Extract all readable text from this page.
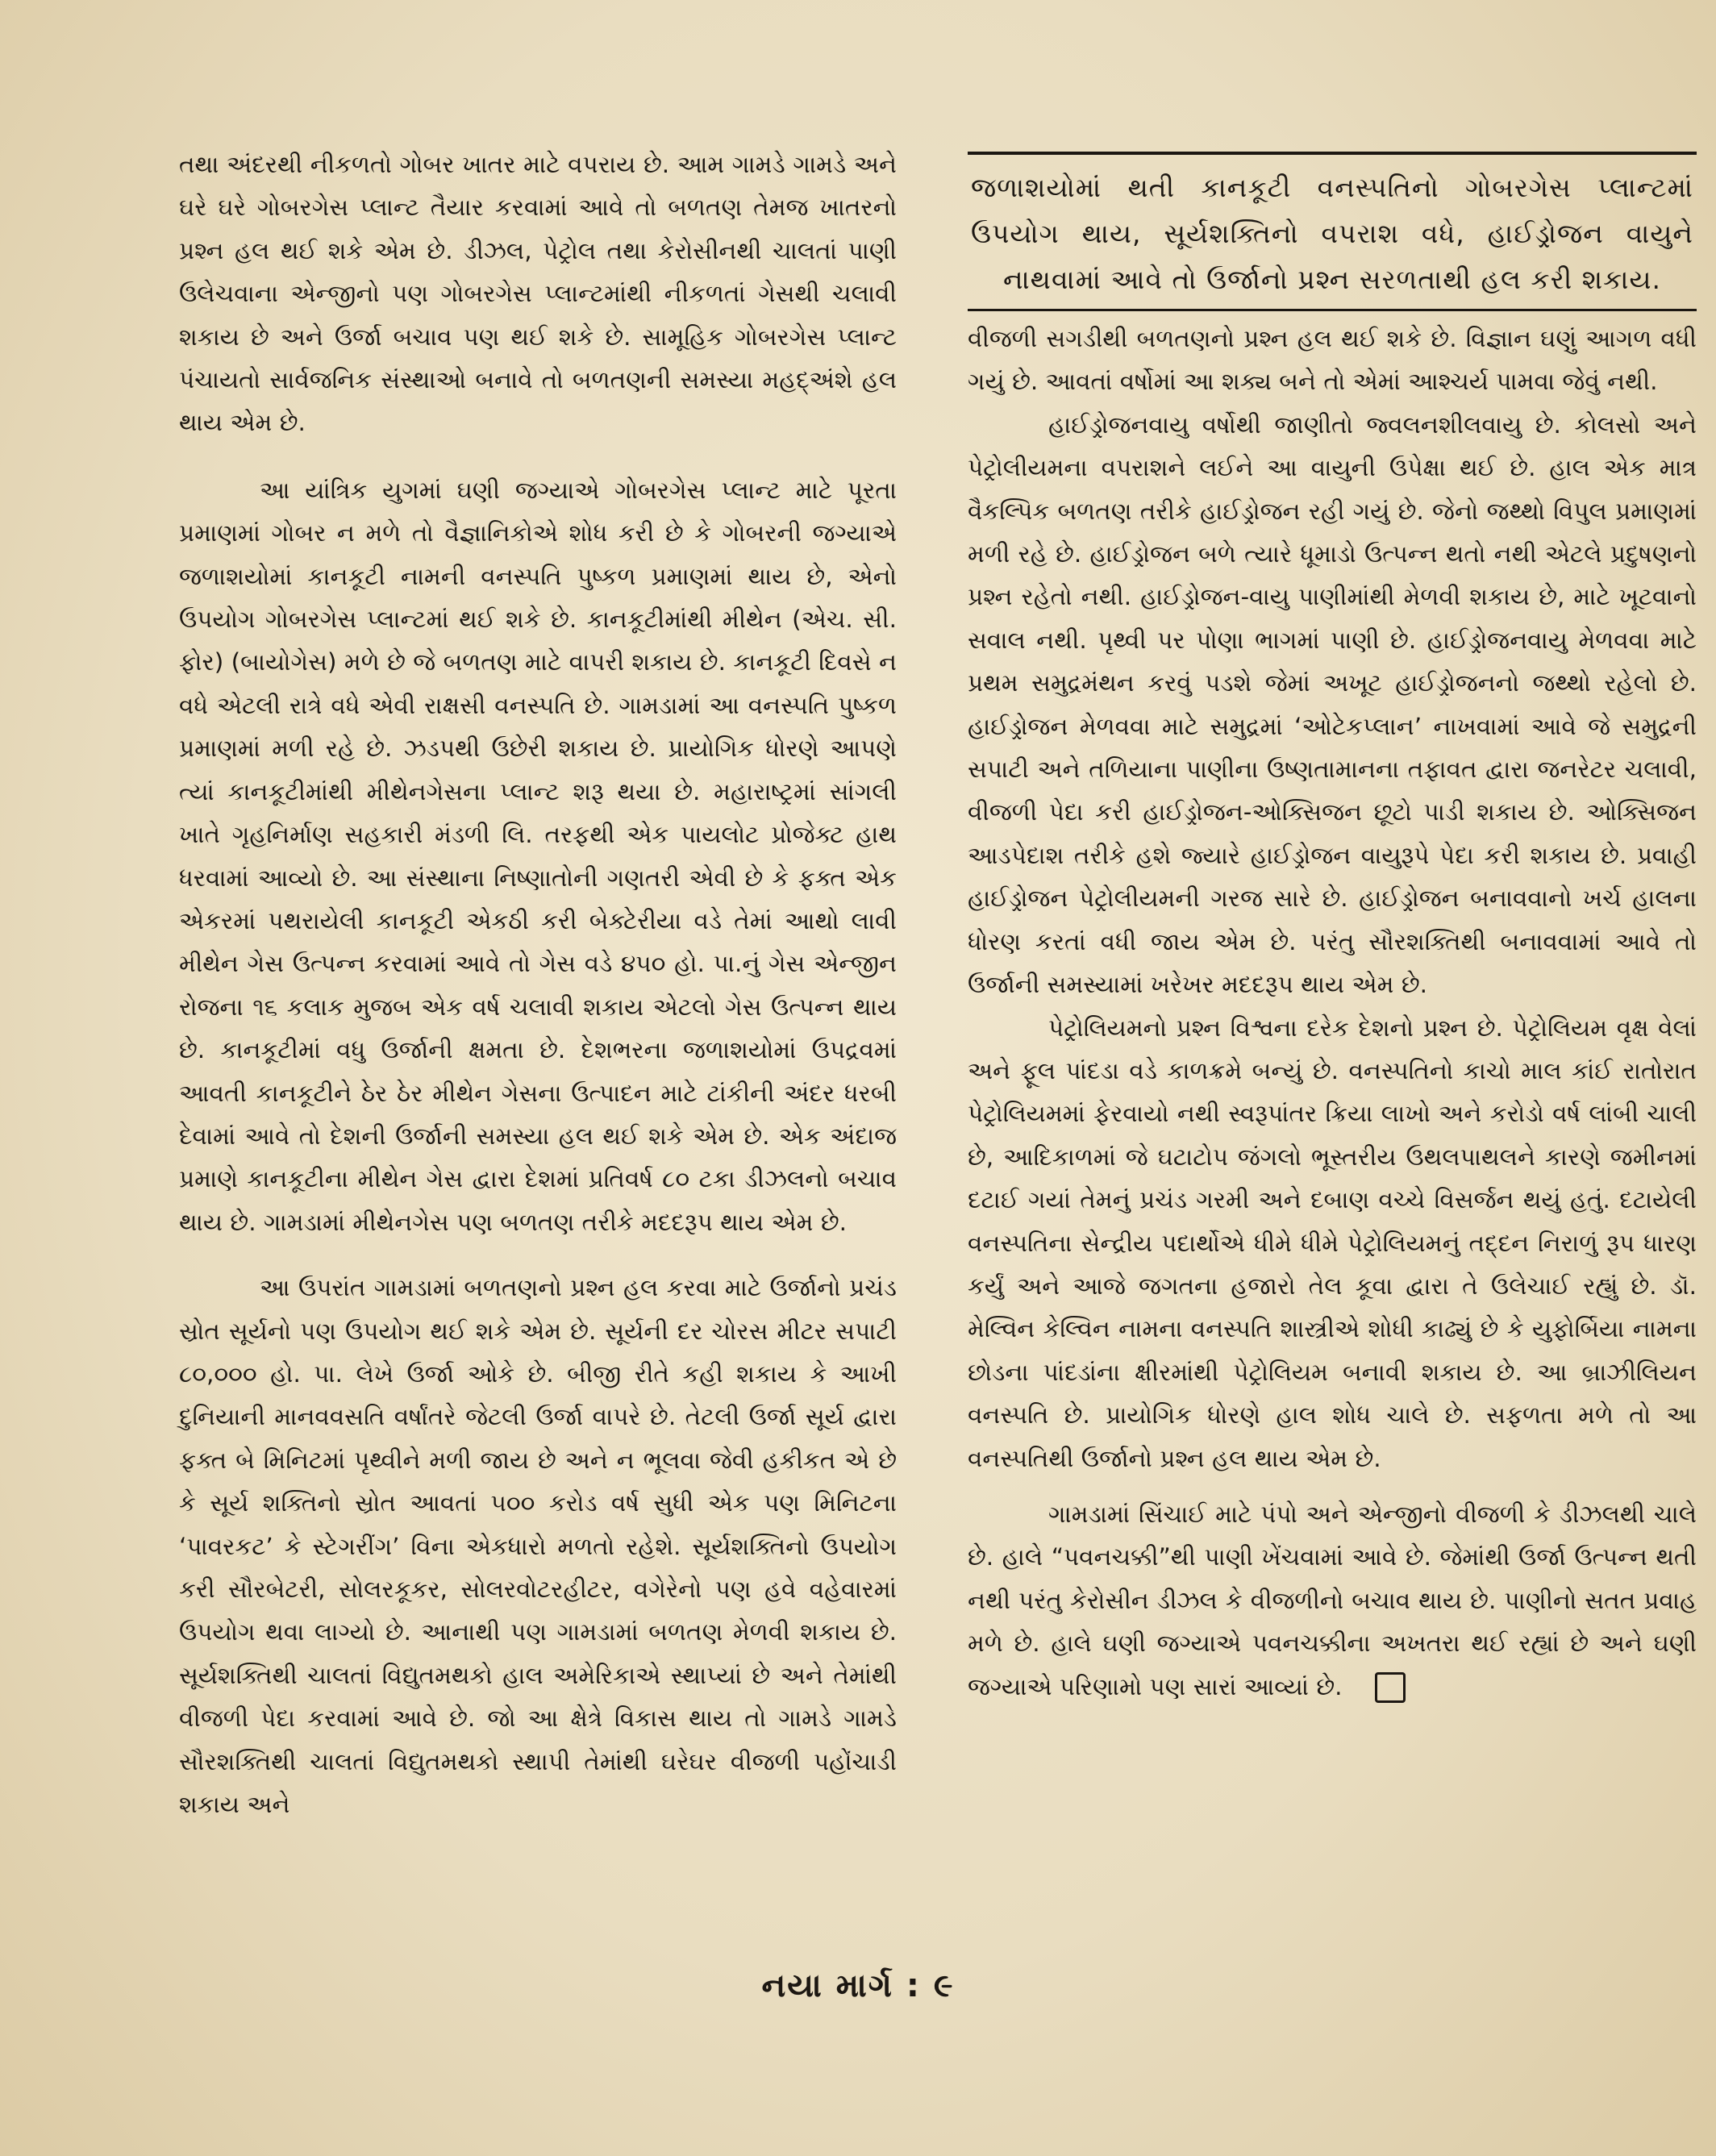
તથા અંદરથી નીકળતો ગોબર ખાતર માટે વપરાય છે. આમ ગામડે ગામડે અને ઘરે ઘરે ગોબરગેસ પ્લાન્ટ તૈયાર કરવામાં આવે તો બળતણ તેમજ ખાતરનો પ્રશ્ન હલ થઈ શકે એમ છે. ડીઝલ, પેટ્રોલ તથા કેરોસીનથી ચાલતાં પાણી ઉલેચવાના એન્જીનો પણ ગોબરગેસ પ્લાન્ટમાંથી નીકળતાં ગેસથી ચલાવી શકાય છે અને ઉર્જા બચાવ પણ થઈ શકે છે. સામૂહિક ગોબરગેસ પ્લાન્ટ પંચાયતો સાર્વજનિક સંસ્થાઓ બનાવે તો બળતણની સમસ્યા મહદ્‌અંશે હલ થાય એમ છે.

આ યાંત્રિક યુગમાં ઘણી જગ્યાએ ગોબરગેસ પ્લાન્ટ માટે પૂરતા પ્રમાણમાં ગોબર ન મળે તો વૈજ્ઞાનિકોએ શોધ કરી છે કે ગોબરની જગ્યાએ જળાશયોમાં કાનકૂટી નામની વનસ્પતિ પુષ્કળ પ્રમાણમાં થાય છે, એનો ઉપયોગ ગોબરગેસ પ્લાન્ટમાં થઈ શકે છે. કાનકૂટીમાંથી મીથેન (એચ. સી. ફોર) (બાયોગેસ) મળે છે જે બળતણ માટે વાપરી શકાય છે. કાનકૂટી દિવસે ન વધે એટલી રાત્રે વધે એવી રાક્ષસી વનસ્પતિ છે. ગામડામાં આ વનસ્પતિ પુષ્કળ પ્રમાણમાં મળી રહે છે. ઝડપથી ઉછેરી શકાય છે. પ્રાયોગિક ધોરણે આપણે ત્યાં કાનકૂટીમાંથી મીથેનગેસના પ્લાન્ટ શરૂ થયા છે. મહારાષ્ટ્રમાં સાંગલી ખાતે ગૃહનિર્માણ સહકારી મંડળી લિ. તરફથી એક પાયલોટ પ્રોજેક્ટ હાથ ધરવામાં આવ્યો છે. આ સંસ્થાના નિષ્ણાતોની ગણતરી એવી છે કે ફક્ત એક એકરમાં પથરાયેલી કાનકૂટી એકઠી કરી બેક્ટેરીયા વડે તેમાં આથો લાવી મીથેન ગેસ ઉત્પન્ન કરવામાં આવે તો ગેસ વડે ૪૫૦ હો. પા.નું ગેસ એન્જીન રોજના ૧૬ કલાક મુજબ એક વર્ષ ચલાવી શકાય એટલો ગેસ ઉત્પન્ન થાય છે. કાનકૂટીમાં વધુ ઉર્જાની ક્ષમતા છે. દેશભરના જળાશયોમાં ઉપદ્રવમાં આવતી કાનકૂટીને ઠેર ઠેર મીથેન ગેસના ઉત્પાદન માટે ટાંકીની અંદર ધરબી દેવામાં આવે તો દેશની ઉર્જાની સમસ્યા હલ થઈ શકે એમ છે. એક અંદાજ પ્રમાણે કાનકૂટીના મીથેન ગેસ દ્વારા દેશમાં પ્રતિવર્ષ ૮૦ ટકા ડીઝલનો બચાવ થાય છે. ગામડામાં મીથેનગેસ પણ બળતણ તરીકે મદદરૂપ થાય એમ છે.

આ ઉપરાંત ગામડામાં બળતણનો પ્રશ્ન હલ કરવા માટે ઉર્જાનો પ્રચંડ સ્રોત સૂર્યનો પણ ઉપયોગ થઈ શકે એમ છે. સૂર્યની દર ચોરસ મીટર સપાટી ૮૦,૦૦૦ હો. પા. લેખે ઉર્જા ઓકે છે. બીજી રીતે કહી શકાય કે આખી દુનિયાની માનવવસતિ વર્ષાંતરે જેટલી ઉર્જા વાપરે છે. તેટલી ઉર્જા સૂર્ય દ્વારા ફક્ત બે મિનિટમાં પૃથ્વીને મળી જાય છે અને ન ભૂલવા જેવી હકીકત એ છે કે સૂર્ય શક્તિનો સ્રોત આવતાં ૫૦૦ કરોડ વર્ષ સુધી એક પણ મિનિટના ‘પાવરકટ’ કે સ્ટેગરીંગ’ વિના એકધારો મળતો રહેશે. સૂર્યશક્તિનો ઉપયોગ કરી સૌરબેટરી, સોલરકૂકર, સોલરવોટરહીટર, વગેરેનો પણ હવે વહેવારમાં ઉપયોગ થવા લાગ્યો છે. આનાથી પણ ગામડામાં બળતણ મેળવી શકાય છે. સૂર્યશક્તિથી ચાલતાં વિદ્યુતમથકો હાલ અમેરિકાએ સ્થાપ્યાં છે અને તેમાંથી વીજળી પેદા કરવામાં આવે છે. જો આ ક્ષેત્રે વિકાસ થાય તો ગામડે ગામડે સૌરશક્તિથી ચાલતાં વિદ્યુતમથકો સ્થાપી તેમાંથી ઘરેઘર વીજળી પહોંચાડી શકાય અને

જળાશયોમાં થતી કાનકૂટી વનસ્પતિનો ગોબરગેસ પ્લાન્ટમાં ઉપયોગ થાય, સૂર્યશક્તિનો વપરાશ વધે, હાઈડ્રોજન વાયુને નાથવામાં આવે તો ઉર્જાનો પ્રશ્ન સરળતાથી હલ કરી શકાય.

વીજળી સગડીથી બળતણનો પ્રશ્ન હલ થઈ શકે છે. વિજ્ઞાન ઘણું આગળ વધી ગયું છે. આવતાં વર્ષોમાં આ શક્ય બને તો એમાં આશ્ચર્ય પામવા જેવું નથી.

હાઈડ્રોજનવાયુ વર્ષોથી જાણીતો જ્વલનશીલવાયુ છે. કોલસો અને પેટ્રોલીયમના વપરાશને લઈને આ વાયુની ઉપેક્ષા થઈ છે. હાલ એક માત્ર વૈકલ્પિક બળતણ તરીકે હાઈડ્રોજન રહી ગયું છે. જેનો જથ્થો વિપુલ પ્રમાણમાં મળી રહે છે. હાઈડ્રોજન બળે ત્યારે ધૂમાડો ઉત્પન્ન થતો નથી એટલે પ્રદુષણનો પ્રશ્ન રહેતો નથી. હાઈડ્રોજન-વાયુ પાણીમાંથી મેળવી શકાય છે, માટે ખૂટવાનો સવાલ નથી. પૃથ્વી પર પોણા ભાગમાં પાણી છે. હાઈડ્રોજનવાયુ મેળવવા માટે પ્રથમ સમુદ્રમંથન કરવું પડશે જેમાં અખૂટ હાઈડ્રોજનનો જથ્થો રહેલો છે. હાઈડ્રોજન મેળવવા માટે સમુદ્રમાં ‘ઓટેકપ્લાન’ નાખવામાં આવે જે સમુદ્રની સપાટી અને તળિયાના પાણીના ઉષ્ણતામાનના તફાવત દ્વારા જનરેટર ચલાવી, વીજળી પેદા કરી હાઈડ્રોજન-ઓક્સિજન છૂટો પાડી શકાય છે. ઓક્સિજન આડપેદાશ તરીકે હશે જ્યારે હાઈડ્રોજન વાયુરૂપે પેદા કરી શકાય છે. પ્રવાહી હાઈડ્રોજન પેટ્રોલીયમની ગરજ સારે છે. હાઈડ્રોજન બનાવવાનો ખર્ચ હાલના ધોરણ કરતાં વધી જાય એમ છે. પરંતુ સૌરશક્તિથી બનાવવામાં આવે તો ઉર્જાની સમસ્યામાં ખરેખર મદદરૂપ થાય એમ છે.

પેટ્રોલિયમનો પ્રશ્ન વિશ્વના દરેક દેશનો પ્રશ્ન છે. પેટ્રોલિયમ વૃક્ષ વેલાં અને ફૂલ પાંદડા વડે કાળક્રમે બન્યું છે. વનસ્પતિનો કાચો માલ કાંઈ રાતોરાત પેટ્રોલિયમમાં ફેરવાયો નથી સ્વરૂપાંતર ક્રિયા લાખો અને કરોડો વર્ષ લાંબી ચાલી છે, આદિકાળમાં જે ઘટાટોપ જંગલો ભૂસ્તરીય ઉથલપાથલને કારણે જમીનમાં દટાઈ ગયાં તેમનું પ્રચંડ ગરમી અને દબાણ વચ્ચે વિસર્જન થયું હતું. દટાયેલી વનસ્પતિના સેન્દ્રીય પદાર્થોએ ધીમે ધીમે પેટ્રોલિયમનું તદ્દન નિરાળું રૂપ ધારણ કર્યું અને આજે જગતના હજારો તેલ કૂવા દ્વારા તે ઉલેચાઈ રહ્યું છે. ડૉ. મેલ્વિન કેલ્વિન નામના વનસ્પતિ શાસ્ત્રીએ શોધી કાઢ્યું છે કે યુફોર્બિયા નામના છોડના પાંદડાંના ક્ષીરમાંથી પેટ્રોલિયમ બનાવી શકાય છે. આ બ્રાઝીલિયન વનસ્પતિ છે. પ્રાયોગિક ધોરણે હાલ શોધ ચાલે છે. સફળતા મળે તો આ વનસ્પતિથી ઉર્જાનો પ્રશ્ન હલ થાય એમ છે.

ગામડામાં સિંચાઈ માટે પંપો અને એન્જીનો વીજળી કે ડીઝલથી ચાલે છે. હાલે “પવનચક્કી”થી પાણી ખેંચવામાં આવે છે. જેમાંથી ઉર્જા ઉત્પન્ન થતી નથી પરંતુ કેરોસીન ડીઝલ કે વીજળીનો બચાવ થાય છે. પાણીનો સતત પ્રવાહ મળે છે. હાલે ઘણી જગ્યાએ પવનચક્કીના અખતરા થઈ રહ્યાં છે અને ઘણી જગ્યાએ પરિણામો પણ સારાં આવ્યાં છે.

નયા માર્ગ : ૯
